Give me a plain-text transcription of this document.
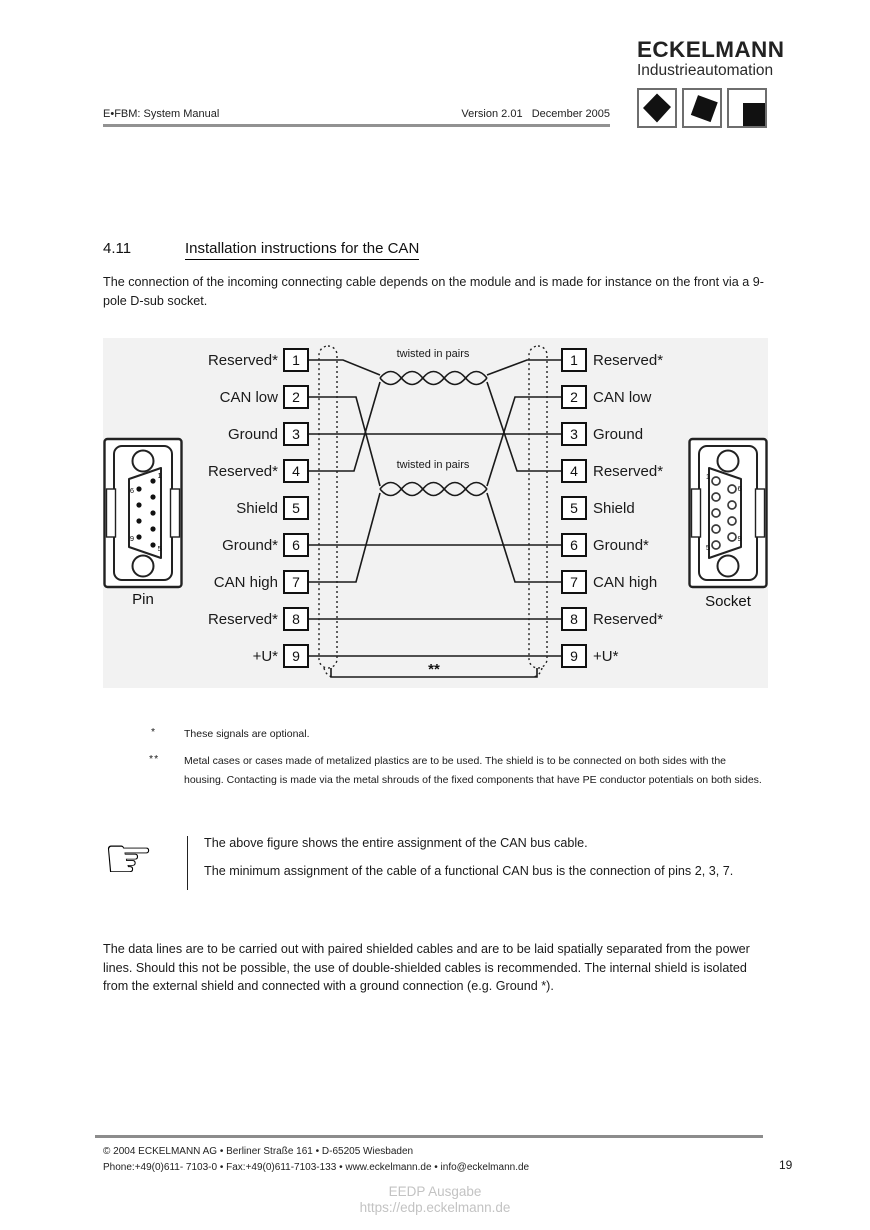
ECKELMANN
Industrieautomation
E•FBM: System Manual	Version 2.01   December 2005
4.11	Installation instructions for the CAN
The connection of the incoming connecting cable depends on the module and is made for instance on the front via a 9-pole D-sub socket.
twisted in pairs
twisted in pairs
**
Reserved* 1	1 Reserved*
CAN low 2	2 CAN low
Ground 3	3 Ground
Reserved* 4	4 Reserved*
Shield 5	5 Shield
Ground* 6	6 Ground*
CAN high 7	7 CAN high
Reserved* 8	8 Reserved*
+U* 9	9 +U*
1
5
6
9
Pin
1
5
6
9
Socket
*	These signals are optional.
** Metal cases or cases made of metalized plastics are to be used. The shield is to be connected on both sides with the housing. Contacting is made via the metal shrouds of the fixed components that have PE conductor potentials on both sides.
☞	The above figure shows the entire assignment of the CAN bus cable.
The minimum assignment of the cable of a functional CAN bus is the connection of pins 2, 3, 7.
The data lines are to be carried out with paired shielded cables and are to be laid spatially separated from the power lines. Should this not be possible, the use of double-shielded cables is recommended. The internal shield is isolated from the external shield and connected with a ground connection (e.g. Ground *).
© 2004 ECKELMANN AG • Berliner Straße 161 • D-65205 Wiesbaden
Phone:+49(0)611- 7103-0 • Fax:+49(0)611-7103-133 • www.eckelmann.de • info@eckelmann.de	19
EEDP Ausgabe
https://edp.eckelmann.de
